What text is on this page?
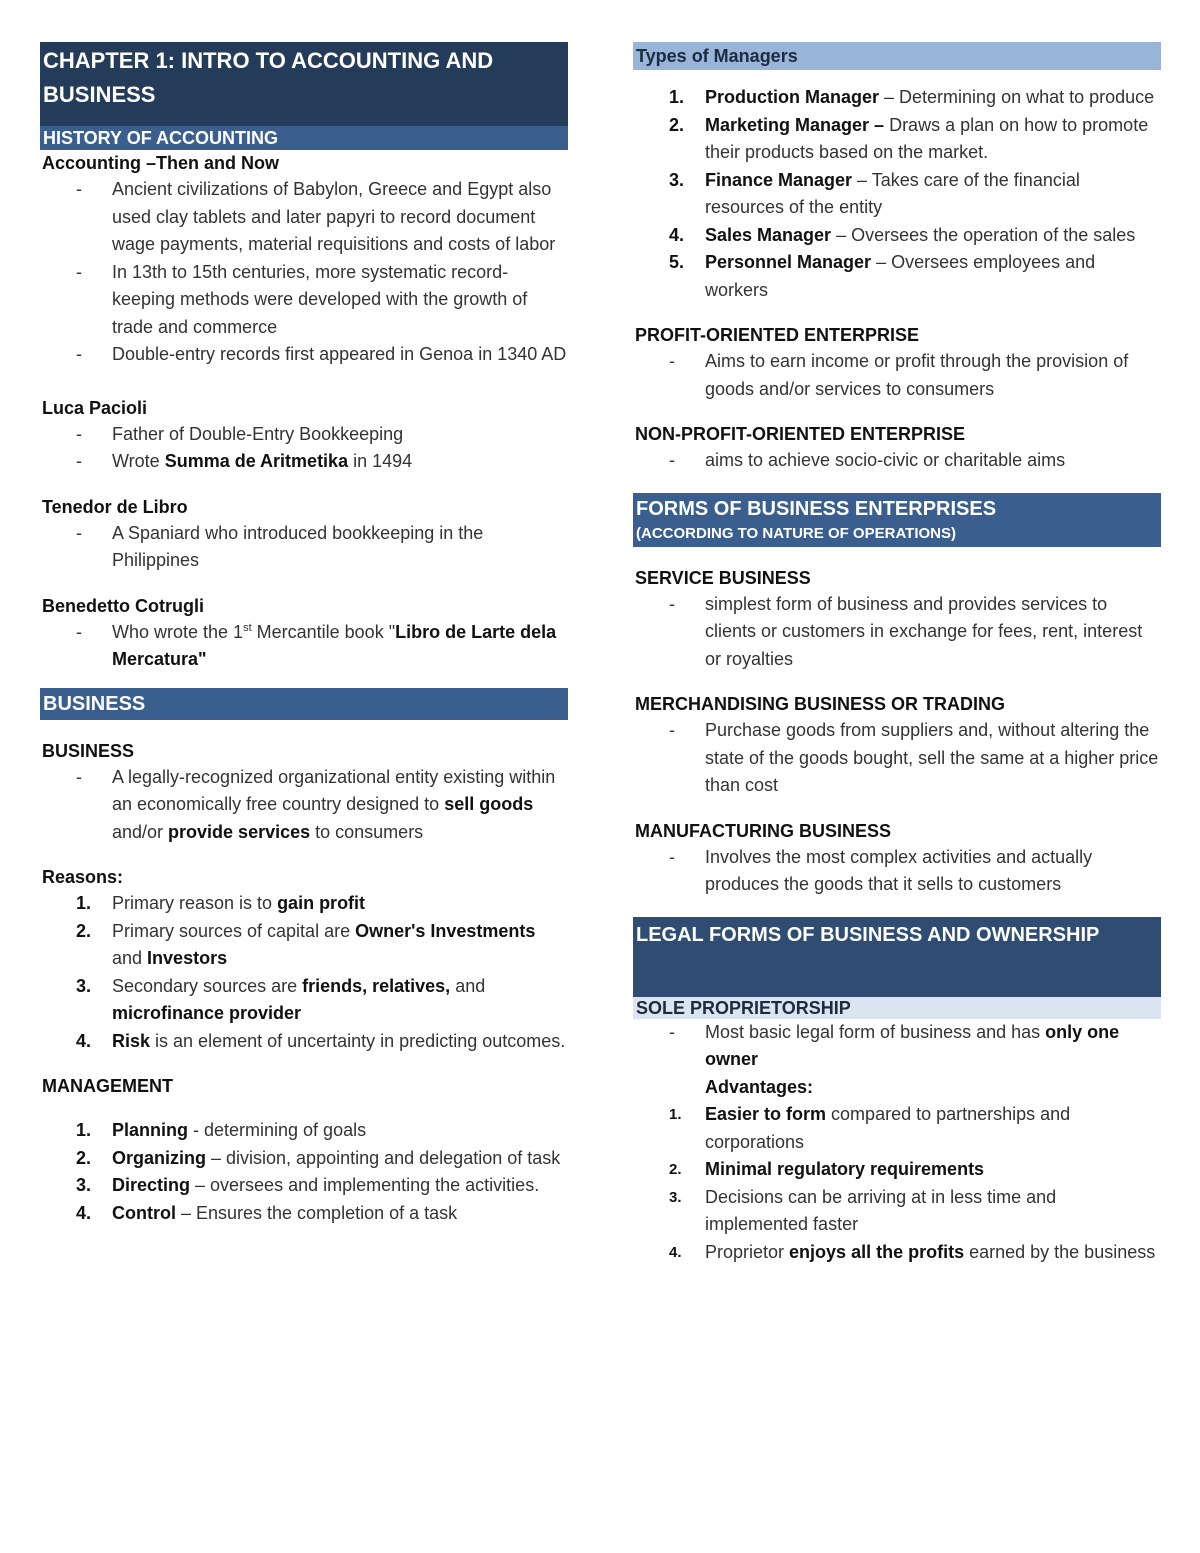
CHAPTER 1: INTRO TO ACCOUNTING AND BUSINESS
HISTORY OF ACCOUNTING
Accounting –Then and Now
- Ancient civilizations of Babylon, Greece and Egypt also used clay tablets and later papyri to record document wage payments, material requisitions and costs of labor
- In 13th to 15th centuries, more systematic record-keeping methods were developed with the growth of trade and commerce
- Double-entry records first appeared in Genoa in 1340 AD
Luca Pacioli
- Father of Double-Entry Bookkeeping
- Wrote Summa de Aritmetika in 1494
Tenedor de Libro
- A Spaniard who introduced bookkeeping in the Philippines
Benedetto Cotrugli
- Who wrote the 1st Mercantile book "Libro de Larte dela Mercatura"
BUSINESS
BUSINESS
- A legally-recognized organizational entity existing within an economically free country designed to sell goods and/or provide services to consumers
Reasons:
1. Primary reason is to gain profit
2. Primary sources of capital are Owner's Investments and Investors
3. Secondary sources are friends, relatives, and microfinance provider
4. Risk is an element of uncertainty in predicting outcomes.
MANAGEMENT
1. Planning - determining of goals
2. Organizing – division, appointing and delegation of task
3. Directing – oversees and implementing the activities.
4. Control – Ensures the completion of a task
Types of Managers
1. Production Manager – Determining on what to produce
2. Marketing Manager – Draws a plan on how to promote their products based on the market.
3. Finance Manager – Takes care of the financial resources of the entity
4. Sales Manager – Oversees the operation of the sales
5. Personnel Manager – Oversees employees and workers
PROFIT-ORIENTED ENTERPRISE
- Aims to earn income or profit through the provision of goods and/or services to consumers
NON-PROFIT-ORIENTED ENTERPRISE
- aims to achieve socio-civic or charitable aims
FORMS OF BUSINESS ENTERPRISES
(ACCORDING TO NATURE OF OPERATIONS)
SERVICE BUSINESS
- simplest form of business and provides services to clients or customers in exchange for fees, rent, interest or royalties
MERCHANDISING BUSINESS OR TRADING
- Purchase goods from suppliers and, without altering the state of the goods bought, sell the same at a higher price than cost
MANUFACTURING BUSINESS
- Involves the most complex activities and actually produces the goods that it sells to customers
LEGAL FORMS OF BUSINESS AND OWNERSHIP
SOLE PROPRIETORSHIP
- Most basic legal form of business and has only one owner
Advantages:
1. Easier to form compared to partnerships and corporations
2. Minimal regulatory requirements
3. Decisions can be arriving at in less time and implemented faster
4. Proprietor enjoys all the profits earned by the business
